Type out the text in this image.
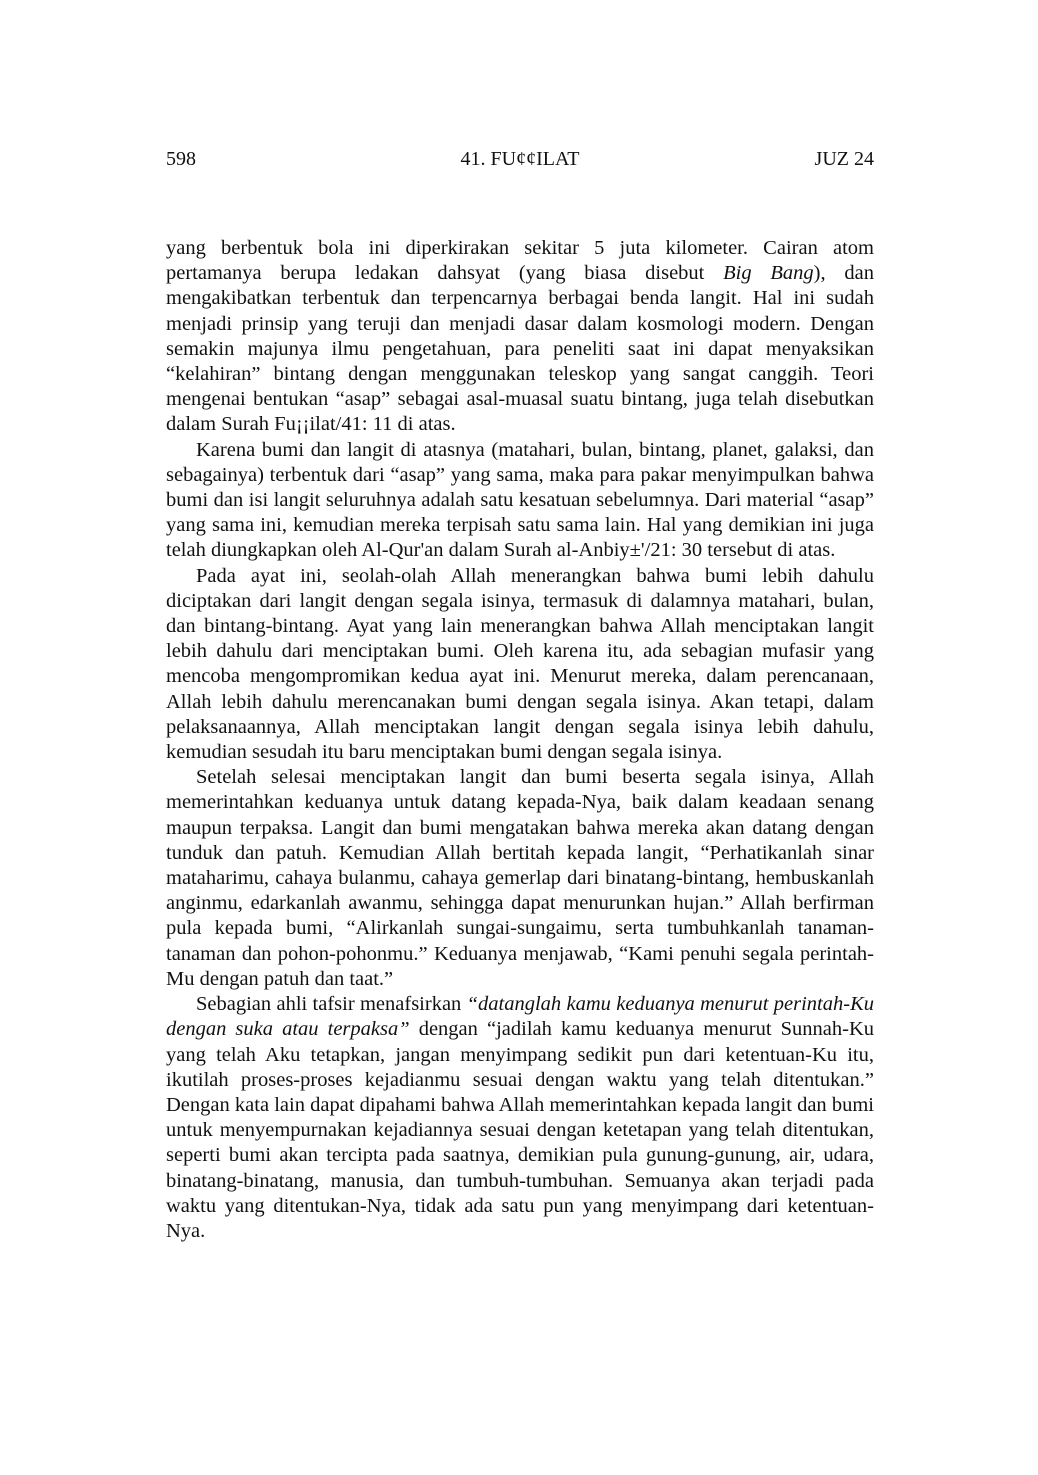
598	41. FU¢¢ILAT	JUZ 24

yang berbentuk bola ini diperkirakan sekitar 5 juta kilometer. Cairan atom pertamanya berupa ledakan dahsyat (yang biasa disebut Big Bang), dan mengakibatkan terbentuk dan terpencarnya berbagai benda langit. Hal ini sudah menjadi prinsip yang teruji dan menjadi dasar dalam kosmologi modern. Dengan semakin majunya ilmu pengetahuan, para peneliti saat ini dapat menyaksikan “kelahiran” bintang dengan menggunakan teleskop yang sangat canggih. Teori mengenai bentukan “asap” sebagai asal-muasal suatu bintang, juga telah disebutkan dalam Surah Fu¡¡ilat/41: 11 di atas.

Karena bumi dan langit di atasnya (matahari, bulan, bintang, planet, galaksi, dan sebagainya) terbentuk dari “asap” yang sama, maka para pakar menyimpulkan bahwa bumi dan isi langit seluruhnya adalah satu kesatuan sebelumnya. Dari material “asap” yang sama ini, kemudian mereka terpisah satu sama lain. Hal yang demikian ini juga telah diungkapkan oleh Al-Qur'an dalam Surah al-Anbiy±'/21: 30 tersebut di atas.

Pada ayat ini, seolah-olah Allah menerangkan bahwa bumi lebih dahulu diciptakan dari langit dengan segala isinya, termasuk di dalamnya matahari, bulan, dan bintang-bintang. Ayat yang lain menerangkan bahwa Allah menciptakan langit lebih dahulu dari menciptakan bumi. Oleh karena itu, ada sebagian mufasir yang mencoba mengompromikan kedua ayat ini. Menurut mereka, dalam perencanaan, Allah lebih dahulu merencanakan bumi dengan segala isinya. Akan tetapi, dalam pelaksanaannya, Allah menciptakan langit dengan segala isinya lebih dahulu, kemudian sesudah itu baru menciptakan bumi dengan segala isinya.

Setelah selesai menciptakan langit dan bumi beserta segala isinya, Allah memerintahkan keduanya untuk datang kepada-Nya, baik dalam keadaan senang maupun terpaksa. Langit dan bumi mengatakan bahwa mereka akan datang dengan tunduk dan patuh. Kemudian Allah bertitah kepada langit, “Perhatikanlah sinar mataharimu, cahaya bulanmu, cahaya gemerlap dari binatang-bintang, hembuskanlah anginmu, edarkanlah awanmu, sehingga dapat menurunkan hujan.” Allah berfirman pula kepada bumi, “Alirkanlah sungai-sungaimu, serta tumbuhkanlah tanaman-tanaman dan pohon-pohonmu.” Keduanya menjawab, “Kami penuhi segala perintah-Mu dengan patuh dan taat.”

Sebagian ahli tafsir menafsirkan “datanglah kamu keduanya menurut perintah-Ku dengan suka atau terpaksa” dengan “jadilah kamu keduanya menurut Sunnah-Ku yang telah Aku tetapkan, jangan menyimpang sedikit pun dari ketentuan-Ku itu, ikutilah proses-proses kejadianmu sesuai dengan waktu yang telah ditentukan.” Dengan kata lain dapat dipahami bahwa Allah memerintahkan kepada langit dan bumi untuk menyempurnakan kejadiannya sesuai dengan ketetapan yang telah ditentukan, seperti bumi akan tercipta pada saatnya, demikian pula gunung-gunung, air, udara, binatang-binatang, manusia, dan tumbuh-tumbuhan. Semuanya akan terjadi pada waktu yang ditentukan-Nya, tidak ada satu pun yang menyimpang dari ketentuan-Nya.
